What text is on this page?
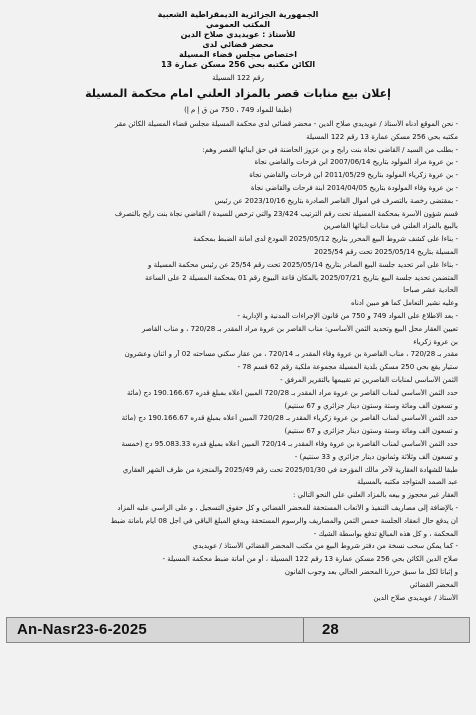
الجمهورية الجزائرية الديمقراطية الشعبية
المكتب العمومي
للأستاذ : عويديدي صلاح الدين
محضر قضائي لدى
اختصاص مجلس قضاء المسيلة
الكائن مكتبه بحي 256 مسكن عمارة 13
رقم 122 المسيلة
إعلان بيع منابات قصر بالمزاد العلني أمام محكمة المسيلة
(طبقا للمواد 749 ، 750 من ق إ م إ)
- نحن الموقع أدناه الأستاذ / عويديدي صلاح الدين - محضر قضائي لدى محكمة المسيلة مجلس قضاء المسيلة الكائن مقر
مكتبه بحي 256 مسكن عمارة 13 رقم 122 المسيلة
- بطلب من السيد / القاضي نجاة بنت رابح و بن عزوز الحاضنة في حق أبنائها القصر وهم:
- بن عروة مراد المولود بتاريخ 2007/06/14 ابن فرحات والقاضي نجاة
- بن عروة زكرياء المولود بتاريخ 2011/05/29 ابن فرحات والقاضي نجاة
- بن عروة وفاء المولودة بتاريخ 2014/04/05 ابنة فرحات والقاضي نجاة
- بمقتضى رخصة بالتصرف في أموال القاصر الصادرة بتاريخ 2023/10/16 عن رئيس
قسم شؤون الأسرة بمحكمة المسيلة تحت رقم الترتيب 23/424 والتي ترخص للسيدة / القاضي نجاة بنت رابح بالتصرف
بالبيع بالمزاد العلني في منابات أبنائها القاصرين
- بناءا على كشف شروط البيع المحرر بتاريخ 2025/05/12 المودع لدى أمانة الضبط بمحكمة
المسيلة بتاريخ 2025/05/14 تحت رقم 2025/54
- بناءا على أمر تحديد جلسة البيع الصادر بتاريخ 2025/05/14 تحت رقم 25/54 عن رئيس محكمة المسيلة و
المتضمن تحديد جلسة البيع بتاريخ 2025/07/21 بالمكان قاعة البيوع رقم 01 بمحكمة المسيلة 2 على الساعة
الحادية عشر صباحا
وعليه نشير التعامل كما هو مبين أدناه
- بعد الاطلاع على المواد 749 و 750 من قانون الإجراءات المدنية و الإدارية -
تعيين العقار محل البيع وتحديد الثمن الأساسي: مناب القاصر بن عروة مراد المقدر بـ 720/28 ، و مناب القاصر
بن عروة زكرياء
مقدر بـ 720/28 ، مناب القاصرة بن عروة وفاء المقدر بـ 720/14 ، من عقار سكني مساحته 02 آر و اثنان وعشرون
ستيار يقع بحي 250 مسكن بلدية المسيلة مجموعة ملكية رقم 62 قسم 78 -
الثمن الأساسي لمنابات القاصرين تم تقييمها بالتقرير المرفق -
حدد الثمن الأساسي لمناب القاصر بن عروة مراد المقدر بـ 720/28 المبين أعلاه بمبلغ قدره 190.166.67 دج (مائة
و تسعون ألف ومائة وستة وستون دينار جزائري و 67 سنتيم)
حدد الثمن الأساسي لمناب القاصر بن عروة زكرياء المقدر بـ 720/28 المبين أعلاه بمبلغ قدره 190.166.67 دج (مائة
و تسعون ألف ومائة وستة وستون دينار جزائري و 67 سنتيم)
حدد الثمن الأساسي لمناب القاصرة بن عروة وفاء المقدر بـ 720/14 المبين أعلاه بمبلغ قدره 95.083.33 دج (خمسة
و تسعون ألف وثلاثة وثمانون دينار جزائري و 33 سنتيم) -
طبقا للشهادة العقارية لآخر مالك المؤرخة في 2025/01/30 تحت رقم 2025/49 والمنجزة من طرف الشهر العقاري
عبد الصمد المتواجد مكتبه بالمسيلة
العقار غير محجوز و بيعه بالمزاد العلني على النحو التالي :
- بالإضافة إلى مصاريف التنفيذ و الأتعاب المستحقة للمحضر القضائي و كل حقوق التسجيل ، و على الراسي عليه المزاد
أن يدفع حال انعقاد الجلسة خمس الثمن والمصاريف والرسوم المستحقة ويدفع المبلغ الباقي في أجل 08 أيام بأمانة ضبط
المحكمة ، و كل هذه المبالغ تدفع بواسطة الشيك -
- كما يمكن سحب نسخة من دفتر شروط البيع من مكتب المحضر القضائي الأستاذ / عويديدي
صلاح الدين الكائن بحي 256 مسكن عمارة 13 رقم 122 المسيلة ، أو من أمانة ضبط محكمة المسيلة -
و إثباتا لكل ما سبق حررنا المحضر الحالي بعد وجوب القانون
المحضر القضائي
الأستاذ / عويديدي صلاح الدين
An-Nasr23-6-2025	28
